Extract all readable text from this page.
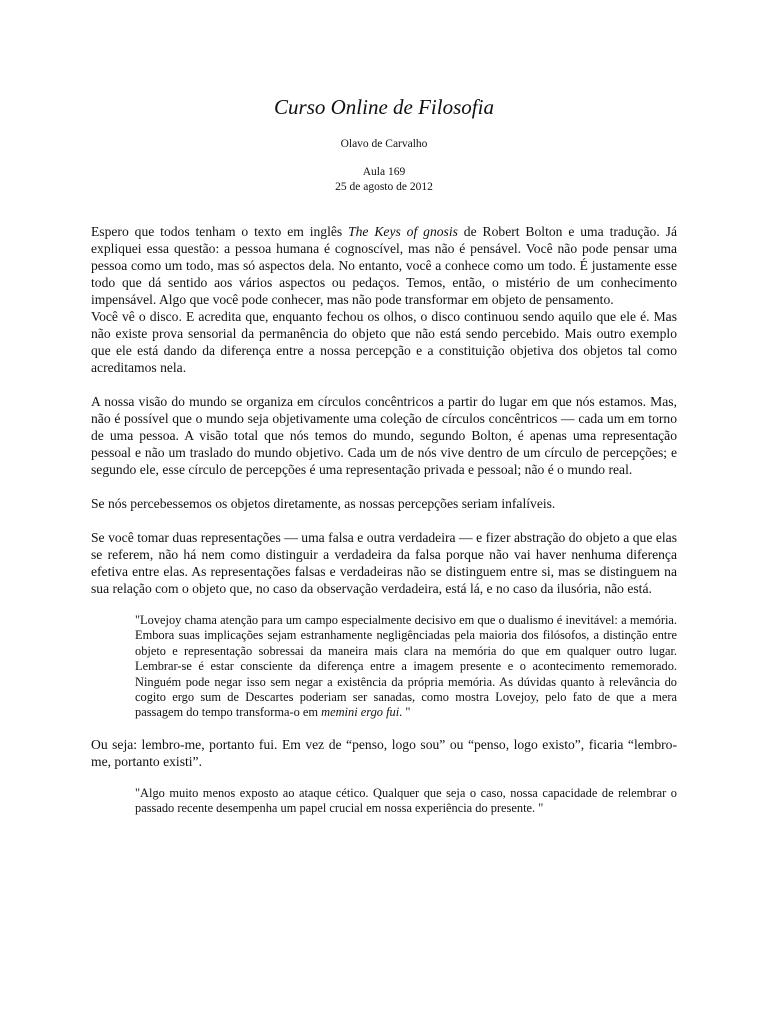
Curso Online de Filosofia
Olavo de Carvalho
Aula 169
25 de agosto de 2012

Espero que todos tenham o texto em inglês The Keys of gnosis de Robert Bolton e uma tradução. Já expliquei essa questão: a pessoa humana é cognoscível, mas não é pensável. Você não pode pensar uma pessoa como um todo, mas só aspectos dela. No entanto, você a conhece como um todo. É justamente esse todo que dá sentido aos vários aspectos ou pedaços. Temos, então, o mistério de um conhecimento impensável. Algo que você pode conhecer, mas não pode transformar em objeto de pensamento.

Você vê o disco. E acredita que, enquanto fechou os olhos, o disco continuou sendo aquilo que ele é. Mas não existe prova sensorial da permanência do objeto que não está sendo percebido. Mais outro exemplo que ele está dando da diferença entre a nossa percepção e a constituição objetiva dos objetos tal como acreditamos nela.

A nossa visão do mundo se organiza em círculos concêntricos a partir do lugar em que nós estamos. Mas, não é possível que o mundo seja objetivamente uma coleção de círculos concêntricos — cada um em torno de uma pessoa. A visão total que nós temos do mundo, segundo Bolton, é apenas uma representação pessoal e não um traslado do mundo objetivo. Cada um de nós vive dentro de um círculo de percepções; e segundo ele, esse círculo de percepções é uma representação privada e pessoal; não é o mundo real.

Se nós percebessemos os objetos diretamente, as nossas percepções seriam infalíveis.

Se você tomar duas representações — uma falsa e outra verdadeira — e fizer abstração do objeto a que elas se referem, não há nem como distinguir a verdadeira da falsa porque não vai haver nenhuma diferença efetiva entre elas. As representações falsas e verdadeiras não se distinguem entre si, mas se distinguem na sua relação com o objeto que, no caso da observação verdadeira, está lá, e no caso da ilusória, não está.

"Lovejoy chama atenção para um campo especialmente decisivo em que o dualismo é inevitável: a memória. Embora suas implicações sejam estranhamente negligênciadas pela maioria dos filósofos, a distinção entre objeto e representação sobressai da maneira mais clara na memória do que em qualquer outro lugar. Lembrar-se é estar consciente da diferença entre a imagem presente e o acontecimento rememorado. Ninguém pode negar isso sem negar a existência da própria memória. As dúvidas quanto à relevância do cogito ergo sum de Descartes poderiam ser sanadas, como mostra Lovejoy, pelo fato de que a mera passagem do tempo transforma-o em memini ergo fui. "

Ou seja: lembro-me, portanto fui. Em vez de “penso, logo sou” ou “penso, logo existo”, ficaria “lembro-me, portanto existi”.

"Algo muito menos exposto ao ataque cético. Qualquer que seja o caso, nossa capacidade de relembrar o passado recente desempenha um papel crucial em nossa experiência do presente. "
